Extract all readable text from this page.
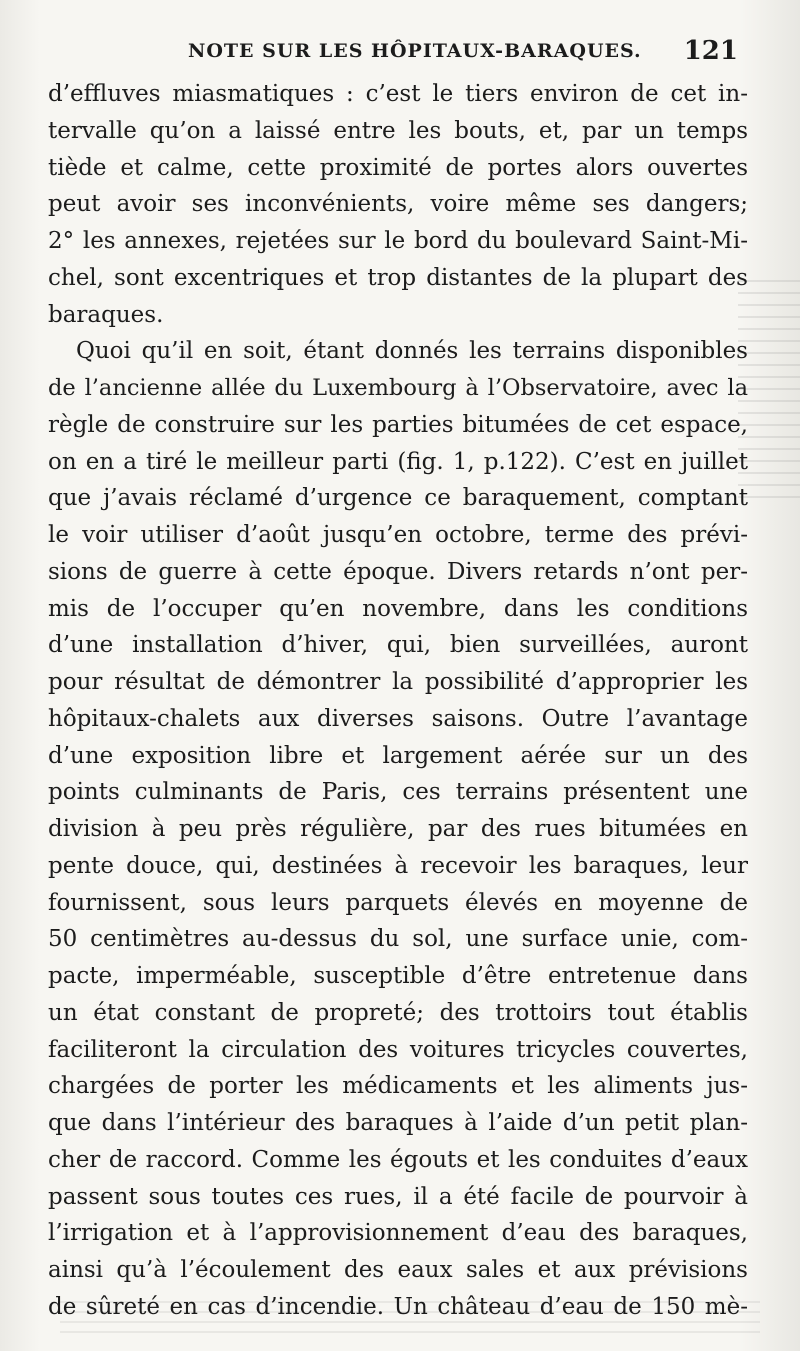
NOTE SUR LES HÔPITAUX-BARAQUES. 121
d’effluves miasmatiques : c’est le tiers environ de cet in-
tervalle qu’on a laissé entre les bouts, et, par un temps
tiède et calme, cette proximité de portes alors ouvertes
peut avoir ses inconvénients, voire même ses dangers;
2° les annexes, rejetées sur le bord du boulevard Saint-Mi-
chel, sont excentriques et trop distantes de la plupart des
baraques.
Quoi qu’il en soit, étant donnés les terrains disponibles
de l’ancienne allée du Luxembourg à l’Observatoire, avec la
règle de construire sur les parties bitumées de cet espace,
on en a tiré le meilleur parti (fig. 1, p.122). C’est en juillet
que j’avais réclamé d’urgence ce baraquement, comptant
le voir utiliser d’août jusqu’en octobre, terme des prévi-
sions de guerre à cette époque. Divers retards n’ont per-
mis de l’occuper qu’en novembre, dans les conditions
d’une installation d’hiver, qui, bien surveillées, auront
pour résultat de démontrer la possibilité d’approprier les
hôpitaux-chalets aux diverses saisons. Outre l’avantage
d’une exposition libre et largement aérée sur un des
points culminants de Paris, ces terrains présentent une
division à peu près régulière, par des rues bitumées en
pente douce, qui, destinées à recevoir les baraques, leur
fournissent, sous leurs parquets élevés en moyenne de
50 centimètres au-dessus du sol, une surface unie, com-
pacte, imperméable, susceptible d’être entretenue dans
un état constant de propreté; des trottoirs tout établis
faciliteront la circulation des voitures tricycles couvertes,
chargées de porter les médicaments et les aliments jus-
que dans l’intérieur des baraques à l’aide d’un petit plan-
cher de raccord. Comme les égouts et les conduites d’eaux
passent sous toutes ces rues, il a été facile de pourvoir à
l’irrigation et à l’approvisionnement d’eau des baraques,
ainsi qu’à l’écoulement des eaux sales et aux prévisions
de sûreté en cas d’incendie. Un château d’eau de 150 mè-
